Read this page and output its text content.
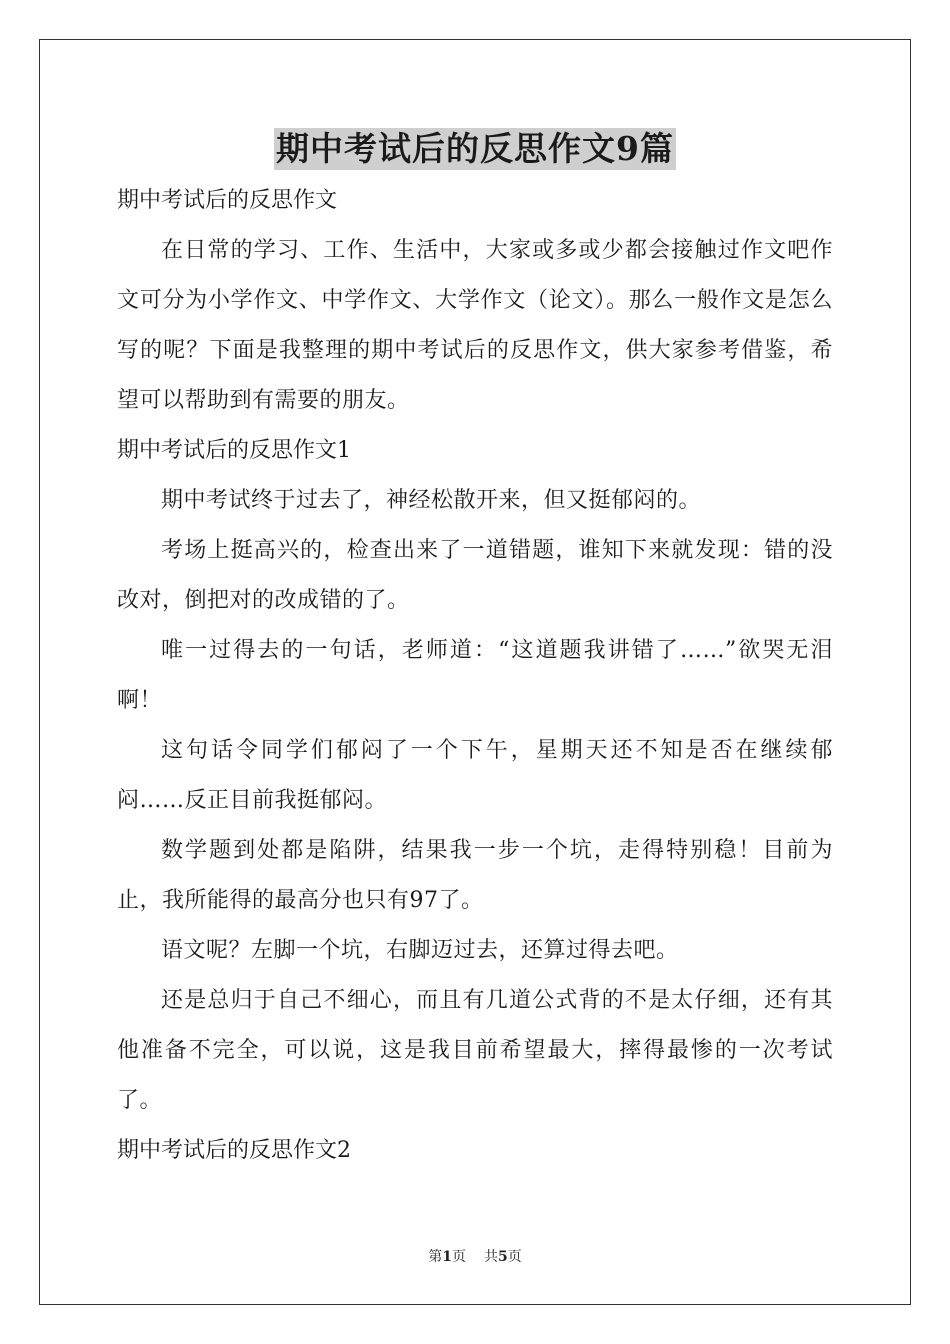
期中考试后的反思作文9篇

期中考试后的反思作文

在日常的学习、工作、生活中，大家或多或少都会接触过作文吧作文可分为小学作文、中学作文、大学作文（论文）。那么一般作文是怎么写的呢？下面是我整理的期中考试后的反思作文，供大家参考借鉴，希望可以帮助到有需要的朋友。

期中考试后的反思作文1

期中考试终于过去了，神经松散开来，但又挺郁闷的。

考场上挺高兴的，检查出来了一道错题，谁知下来就发现：错的没改对，倒把对的改成错的了。

唯一过得去的一句话，老师道：“这道题我讲错了……”欲哭无泪啊！

这句话令同学们郁闷了一个下午，星期天还不知是否在继续郁闷……反正目前我挺郁闷。

数学题到处都是陷阱，结果我一步一个坑，走得特别稳！目前为止，我所能得的最高分也只有97了。

语文呢？左脚一个坑，右脚迈过去，还算过得去吧。

还是总归于自己不细心，而且有几道公式背的不是太仔细，还有其他准备不完全，可以说，这是我目前希望最大，摔得最惨的一次考试了。

期中考试后的反思作文2

第1页 共5页
